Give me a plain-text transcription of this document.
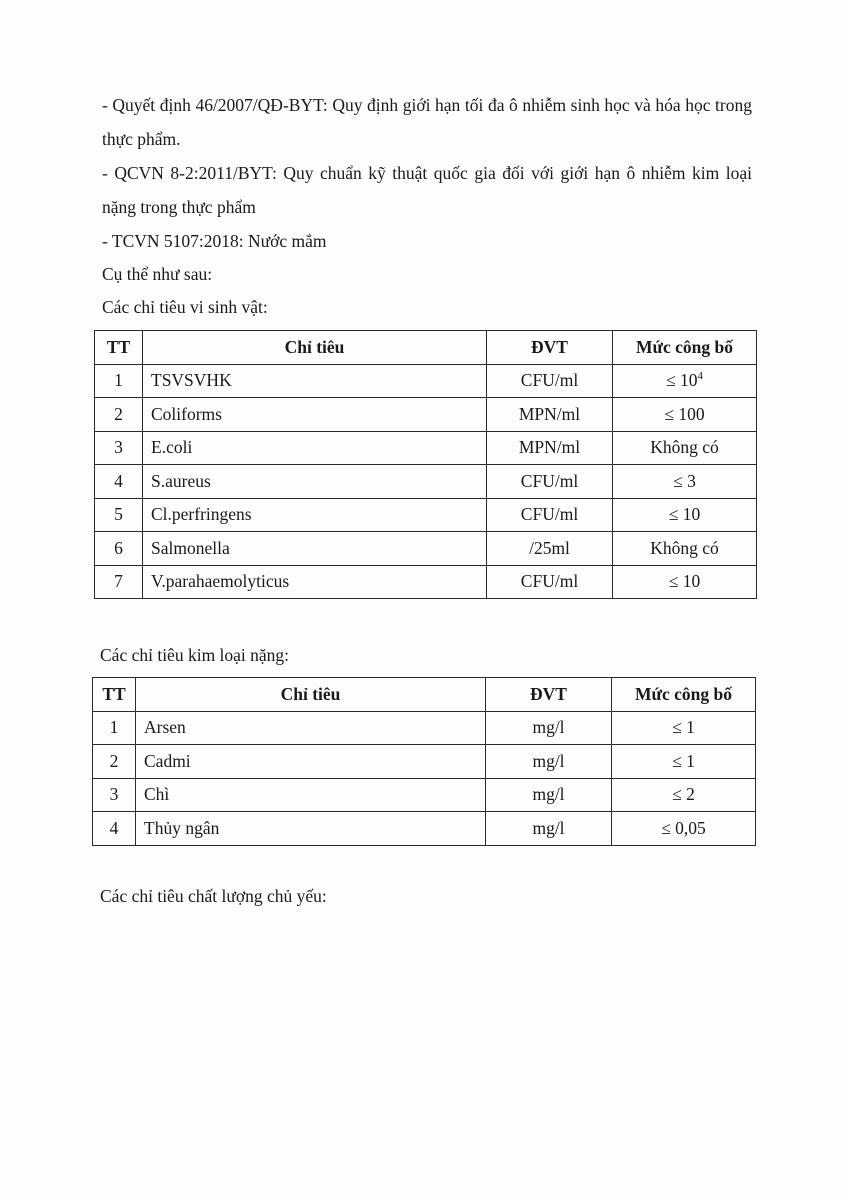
- Quyết định 46/2007/QĐ-BYT: Quy định giới hạn tối đa ô nhiễm sinh học và hóa học trong thực phẩm.
- QCVN 8-2:2011/BYT: Quy chuẩn kỹ thuật quốc gia đối với giới hạn ô nhiễm kim loại nặng trong thực phẩm
- TCVN 5107:2018: Nước mắm
Cụ thể như sau:
Các chỉ tiêu vi sinh vật:
TT	Chỉ tiêu	ĐVT	Mức công bố
1	TSVSVHK	CFU/ml	≤ $10^4$
2	Coliforms	MPN/ml	≤ 100
3	E.coli	MPN/ml	Không có
4	S.aureus	CFU/ml	≤ 3
5	Cl.perfringens	CFU/ml	≤ 10
6	Salmonella	/25ml	Không có
7	V.parahaemolyticus	CFU/ml	≤ 10
Các chỉ tiêu kim loại nặng:
TT	Chỉ tiêu	ĐVT	Mức công bố
1	Arsen	mg/l	≤ 1
2	Cadmi	mg/l	≤ 1
3	Chì	mg/l	≤ 2
4	Thủy ngân	mg/l	≤ 0,05
Các chỉ tiêu chất lượng chủ yếu:
